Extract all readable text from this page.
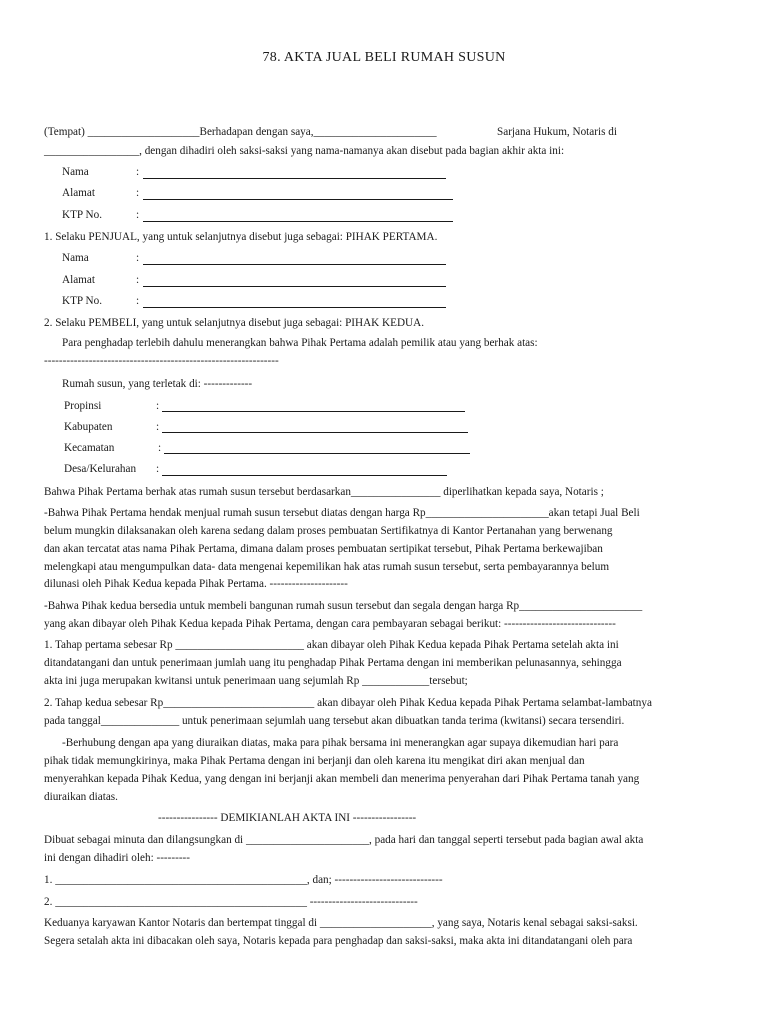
78. AKTA JUAL BELI RUMAH SUSUN
(Tempat) ____________________Berhadapan dengan saya,______________________	Sarjana Hukum, Notaris di
_________________, dengan dihadiri oleh saksi-saksi yang nama-namanya akan disebut pada bagian akhir akta ini:
Nama	:
Alamat	:
KTP No.	:
1. Selaku PENJUAL, yang untuk selanjutnya disebut juga sebagai: PIHAK PERTAMA.
Nama	:
Alamat	:
KTP No.	:
2. Selaku PEMBELI, yang untuk selanjutnya disebut juga sebagai: PIHAK KEDUA.
Para penghadap terlebih dahulu menerangkan bahwa Pihak Pertama adalah pemilik atau yang berhak atas:
---------------------------------------------------------------
Rumah susun, yang terletak di: -------------
Propinsi	:
Kabupaten	:
Kecamatan	:
Desa/Kelurahan :
Bahwa Pihak Pertama berhak atas rumah susun tersebut berdasarkan________________ diperlihatkan kepada saya, Notaris ;
-Bahwa Pihak Pertama hendak menjual rumah susun tersebut diatas dengan harga Rp______________________akan tetapi Jual Beli
belum mungkin dilaksanakan oleh karena sedang dalam proses pembuatan Sertifikatnya di Kantor Pertanahan yang berwenang
dan akan tercatat atas nama Pihak Pertama, dimana dalam proses pembuatan sertipikat tersebut, Pihak Pertama berkewajiban
melengkapi atau mengumpulkan data- data mengenai kepemilikan hak atas rumah susun tersebut, serta pembayarannya belum
dilunasi oleh Pihak Kedua kepada Pihak Pertama. ---------------------
-Bahwa Pihak kedua bersedia untuk membeli bangunan rumah susun tersebut dan segala dengan harga Rp______________________
yang akan dibayar oleh Pihak Kedua kepada Pihak Pertama, dengan cara pembayaran sebagai berikut: ------------------------------
1. Tahap pertama sebesar Rp _______________________ akan dibayar oleh Pihak Kedua kepada Pihak Pertama setelah akta ini
ditandatangani dan untuk penerimaan jumlah uang itu penghadap Pihak Pertama dengan ini memberikan pelunasannya, sehingga
akta ini juga merupakan kwitansi untuk penerimaan uang sejumlah Rp ____________tersebut;
2. Tahap kedua sebesar Rp___________________________ akan dibayar oleh Pihak Kedua kepada Pihak Pertama selambat-lambatnya
pada tanggal______________ untuk penerimaan sejumlah uang tersebut akan dibuatkan tanda terima (kwitansi) secara tersendiri.
-Berhubung dengan apa yang diuraikan diatas, maka para pihak bersama ini menerangkan agar supaya dikemudian hari para
pihak tidak memungkirinya, maka Pihak Pertama dengan ini berjanji dan oleh karena itu mengikat diri akan menjual dan
menyerahkan kepada Pihak Kedua, yang dengan ini berjanji akan membeli dan menerima penyerahan dari Pihak Pertama tanah yang
diuraikan diatas.
---------------- DEMIKIANLAH AKTA INI -----------------
Dibuat sebagai minuta dan dilangsungkan di ______________________, pada hari dan tanggal seperti tersebut pada bagian awal akta
ini dengan dihadiri oleh: ---------
1. _____________________________________________, dan; -----------------------------
2. _____________________________________________ -----------------------------
Keduanya karyawan Kantor Notaris dan bertempat tinggal di ____________________, yang saya, Notaris kenal sebagai saksi-saksi.
Segera setalah akta ini dibacakan oleh saya, Notaris kepada para penghadap dan saksi-saksi, maka akta ini ditandatangani oleh para
